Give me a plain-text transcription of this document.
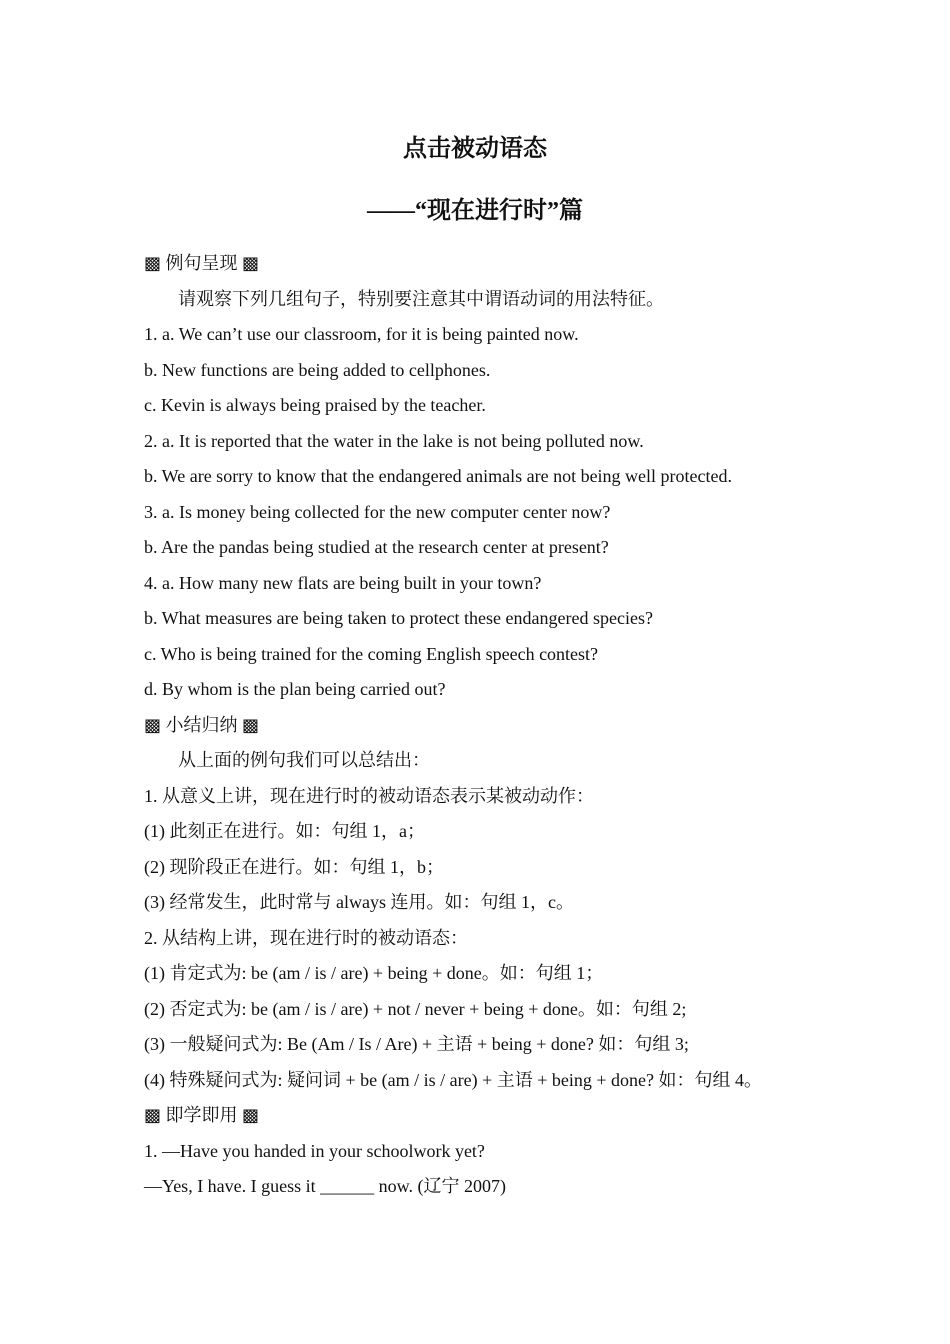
点击被动语态
——“现在进行时”篇

▩ 例句呈现 ▩

请观察下列几组句子，特别要注意其中谓语动词的用法特征。

1. a. We can’t use our classroom, for it is being painted now.

b. New functions are being added to cellphones.

c. Kevin is always being praised by the teacher.

2. a. It is reported that the water in the lake is not being polluted now.

b. We are sorry to know that the endangered animals are not being well protected.

3. a. Is money being collected for the new computer center now?

b. Are the pandas being studied at the research center at present?

4. a. How many new flats are being built in your town?

b. What measures are being taken to protect these endangered species?

c. Who is being trained for the coming English speech contest?

d. By whom is the plan being carried out?

▩ 小结归纳 ▩

从上面的例句我们可以总结出：

1. 从意义上讲，现在进行时的被动语态表示某被动动作：

(1) 此刻正在进行。如：句组 1，a；

(2) 现阶段正在进行。如：句组 1，b；

(3) 经常发生，此时常与 always 连用。如：句组 1，c。

2. 从结构上讲，现在进行时的被动语态：

(1) 肯定式为: be (am / is / are) + being + done。如：句组 1；

(2) 否定式为: be (am / is / are) + not / never + being + done。如：句组 2;

(3) 一般疑问式为: Be (Am / Is / Are) + 主语 + being + done? 如：句组 3;

(4) 特殊疑问式为: 疑问词 + be (am / is / are) + 主语 + being + done? 如：句组 4。

▩ 即学即用 ▩

1. —Have you handed in your schoolwork yet?

—Yes, I have. I guess it ______ now. (辽宁 2007)
